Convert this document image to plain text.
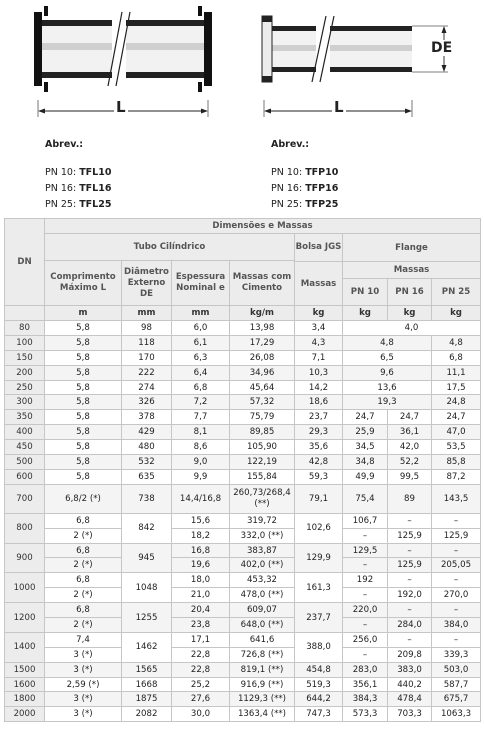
L	L
DE
Abrev.:
PN 10: TFL10
PN 16: TFL16
PN 25: TFL25
Abrev.:
PN 10: TFP10
PN 16: TFP16
PN 25: TFP25
DN	Dimensões e Massas							
	Tubo Cilíndrico				Bolsa JGS	Flange		
	Comprimento Máximo L	Diâmetro Externo DE	Espessura Nominal e	Massas com Cimento				
					Massas	Massas		
						PN 10	PN 16	PN 25
	m	mm	mm	kg/m	kg	kg	kg	kg
80	5,8	98	6,0	13,98	3,4	4,0		
100	5,8	118	6,1	17,29	4,3	4,8		4,8
150	5,8	170	6,3	26,08	7,1	6,5		6,8
200	5,8	222	6,4	34,96	10,3	9,6		11,1
250	5,8	274	6,8	45,64	14,2	13,6		17,5
300	5,8	326	7,2	57,32	18,6	19,3		24,8
350	5,8	378	7,7	75,79	23,7	24,7	24,7	24,7
400	5,8	429	8,1	89,85	29,3	25,9	36,1	47,0
450	5,8	480	8,6	105,90	35,6	34,5	42,0	53,5
500	5,8	532	9,0	122,19	42,8	34,8	52,2	85,8
600	5,8	635	9,9	155,84	59,3	49,9	99,5	87,2
700	6,8/2 (*)	738	14,4/16,8	260,73/268,4 (**)	79,1	75,4	89	143,5
800	6,8	842	15,6	319,72	102,6	106,7	–	–
	2 (*)		18,2	332,0 (**)		–	125,9	125,9
900	6,8	945	16,8	383,87	129,9	129,5	–	–
	2 (*)		19,6	402,0 (**)		–	125,9	205,05
1000	6,8	1048	18,0	453,32	161,3	192	–	–
	2 (*)		21,0	478,0 (**)		–	192,0	270,0
1200	6,8	1255	20,4	609,07	237,7	220,0	–	–
	2 (*)		23,8	648,0 (**)		–	284,0	384,0
1400	7,4	1462	17,1	641,6	388,0	256,0	–	–
	3 (*)		22,8	726,8 (**)		–	209,8	339,3
1500	3 (*)	1565	22,8	819,1 (**)	454,8	283,0	383,0	503,0
1600	2,59 (*)	1668	25,2	916,9 (**)	519,3	356,1	440,2	587,7
1800	3 (*)	1875	27,6	1129,3 (**)	644,2	384,3	478,4	675,7
2000	3 (*)	2082	30,0	1363,4 (**)	747,3	573,3	703,3	1063,3
